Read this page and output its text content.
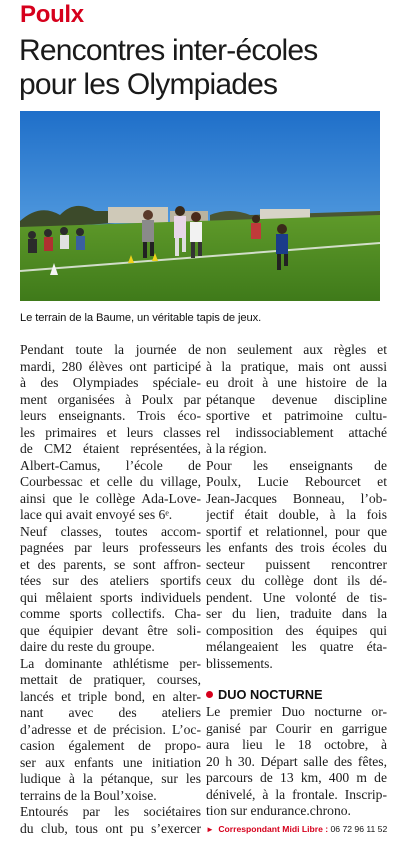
Poulx
Rencontres inter-écoles
pour les Olympiades
Le terrain de la Baume, un véritable tapis de jeux.
Pendant toute la journée de
mardi, 280 élèves ont participé
à des Olympiades spéciale-
ment organisées à Poulx par
leurs enseignants. Trois éco-
les primaires et leurs classes
de CM2 étaient représentées,
Albert-Camus, l’école de
Courbessac et celle du village,
ainsi que le collège Ada-Love-
lace qui avait envoyé ses 6ᵉ.
Neuf classes, toutes accom-
pagnées par leurs professeurs
et des parents, se sont affron-
tées sur des ateliers sportifs
qui mêlaient sports individuels
comme sports collectifs. Cha-
que équipier devant être soli-
daire du reste du groupe.
La dominante athlétisme per-
mettait de pratiquer, courses,
lancés et triple bond, en alter-
nant avec des ateliers
d’adresse et de précision. L’oc-
casion également de propo-
ser aux enfants une initiation
ludique à la pétanque, sur les
terrains de la Boul’xoise.
Entourés par les sociétaires
du club, tous ont pu s’exercer
non seulement aux règles et
à la pratique, mais ont aussi
eu droit à une histoire de la
pétanque devenue discipline
sportive et patrimoine cultu-
rel indissociablement attaché
à la région.
Pour les enseignants de
Poulx, Lucie Rebourcet et
Jean-Jacques Bonneau, l’ob-
jectif était double, à la fois
sportif et relationnel, pour que
les enfants des trois écoles du
secteur puissent rencontrer
ceux du collège dont ils dé-
pendent. Une volonté de tis-
ser du lien, traduite dans la
composition des équipes qui
mélangeaient les quatre éta-
blissements.
DUO NOCTURNE
Le premier Duo nocturne or-
ganisé par Courir en garrigue
aura lieu le 18 octobre, à
20 h 30. Départ salle des fêtes,
parcours de 13 km, 400 m de
dénivelé, à la frontale. Inscrip-
tion sur endurance.chrono.
► Correspondant Midi Libre : 06 72 96 11 52
